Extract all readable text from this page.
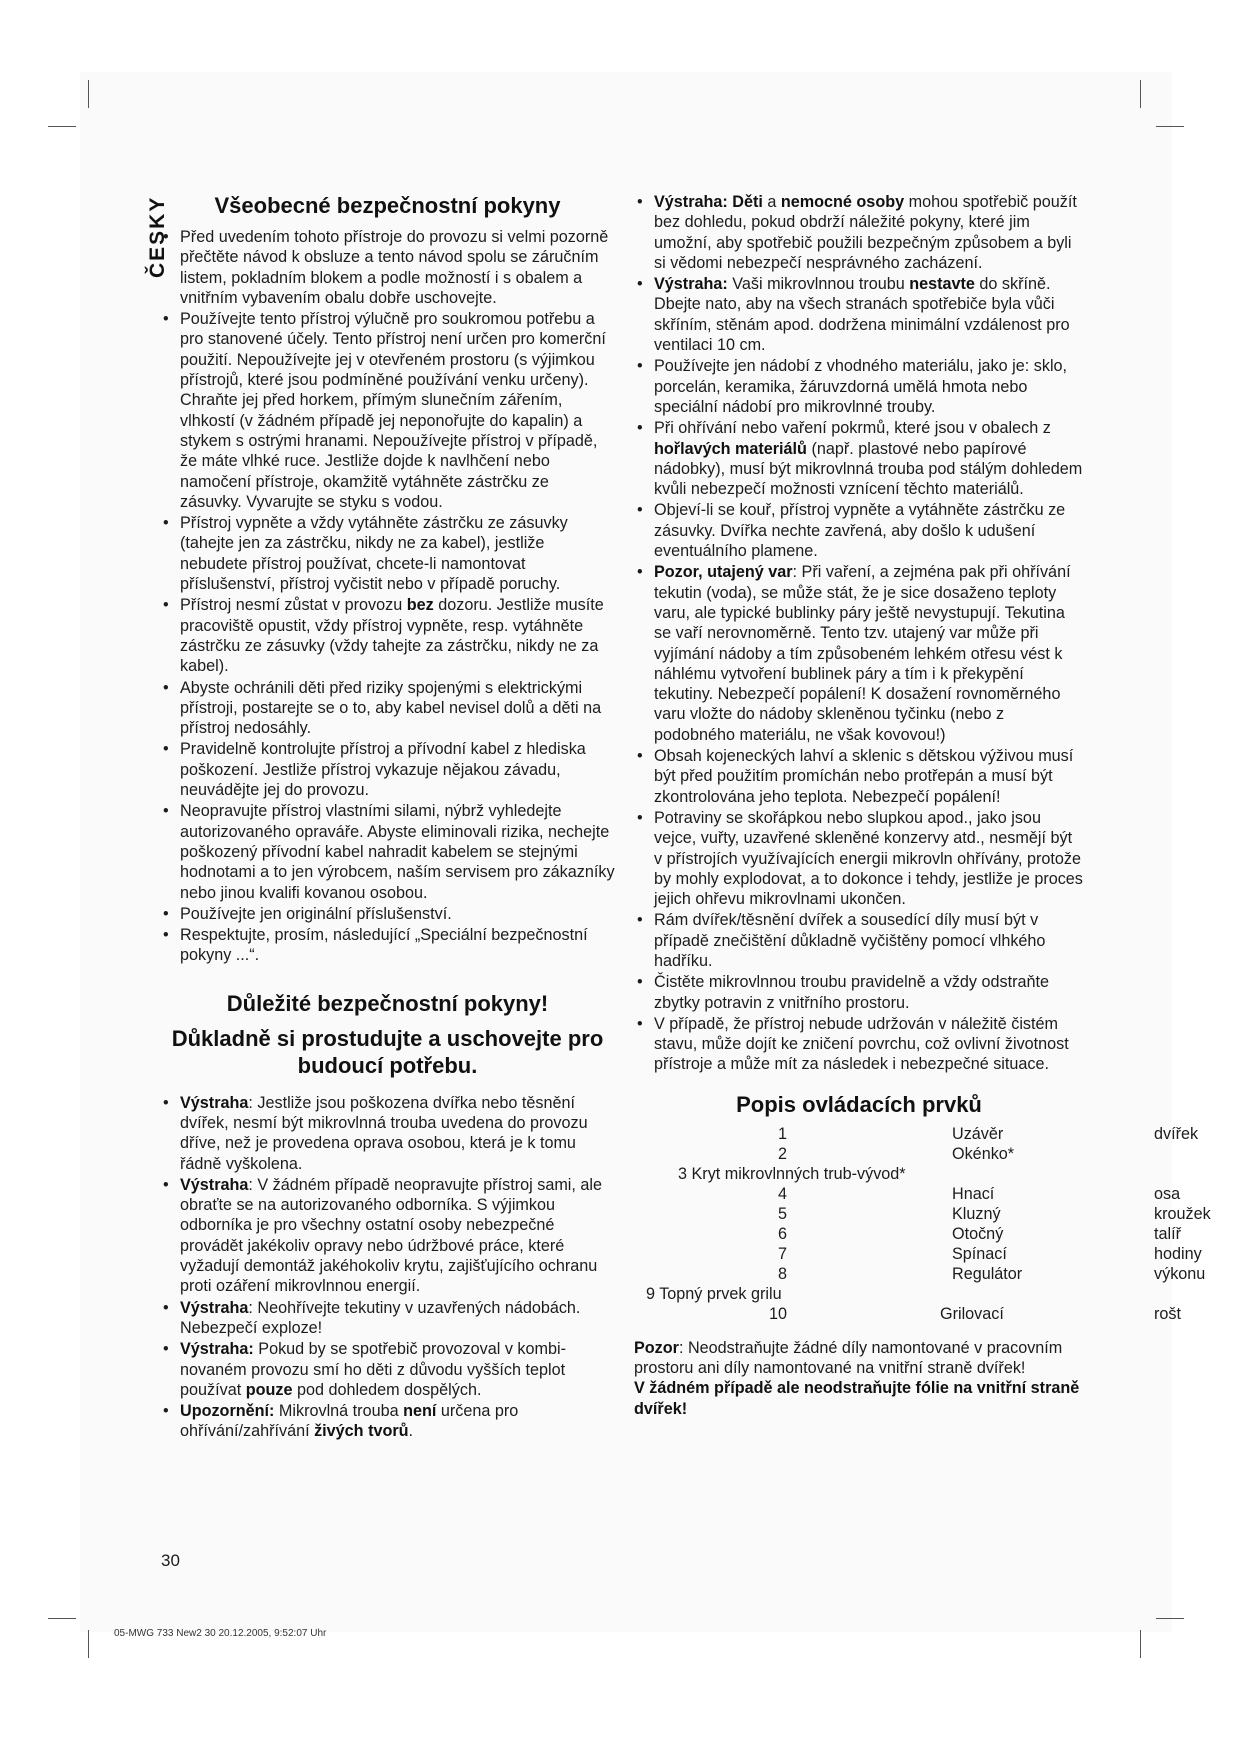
ČESKY	Všeobecné bezpečnostní pokyny
• Před uvedením tohoto přístroje do provozu si velmi pozorně přečtěte návod k obsluze a tento návod spolu se záručním listem, pokladním blokem a podle možností i s obalem a vnitřním vybavením obalu dobře uschovejte.
• Používejte tento přístroj výlučně pro soukromou potřebu a pro stanovené účely. Tento přístroj není určen pro komerční použití. Nepoužívejte jej v otevřeném prostoru (s výjimkou přístrojů, které jsou podmíněné používání venku určeny). Chraňte jej před horkem, přímým slunečním zářením, vlhkostí (v žádném případě jej neponořujte do kapalin) a stykem s ostrými hranami. Nepoužívejte přístroj v případě, že máte vlhké ruce. Jestliže dojde k navlhčení nebo namočení přístroje, okamžitě vytáhněte zástrčku ze zásuvky. Vyvarujte se styku s vodou.
• Přístroj vypněte a vždy vytáhněte zástrčku ze zásuvky (tahejte jen za zástrčku, nikdy ne za kabel), jestliže nebudete přístroj používat, chcete-li namontovat příslušenství, přístroj vyčistit nebo v případě poruchy.
• Přístroj nesmí zůstat v provozu bez dozoru. Jestliže musíte pracoviště opustit, vždy přístroj vypněte, resp. vytáhněte zástrčku ze zásuvky (vždy tahejte za zástrčku, nikdy ne za kabel).
• Abyste ochránili děti před riziky spojenými s elektrickými přístroji, postarejte se o to, aby kabel nevisel dolů a děti na přístroj nedosáhly.
• Pravidelně kontrolujte přístroj a přívodní kabel z hlediska poškození. Jestliže přístroj vykazuje nějakou závadu, neuvádějte jej do provozu.
• Neopravujte přístroj vlastními silami, nýbrž vyhledejte autorizovaného opraváře. Abyste eliminovali rizika, nechejte poškozený přívodní kabel nahradit kabelem se stejnými hodnotami a to jen výrobcem, naším servisem pro zákazníky nebo jinou kvalifi kovanou osobou.
• Používejte jen originální příslušenství.
• Respektujte, prosím, následující „Speciální bezpečnostní pokyny ...“.
Důležité bezpečnostní pokyny!
Důkladně si prostudujte a uschovejte pro budoucí potřebu.
• Výstraha: Jestliže jsou poškozena dvířka nebo těsnění dvířek, nesmí být mikrovlnná trouba uvedena do provozu dříve, než je provedena oprava osobou, která je k tomu řádně vyškolena.
• Výstraha: V žádném případě neopravujte přístroj sami, ale obraťte se na autorizovaného odborníka. S výjimkou odborníka je pro všechny ostatní osoby nebezpečné provádět jakékoliv opravy nebo údržbové práce, které vyžadují demontáž jakéhokoliv krytu, zajišťujícího ochranu proti ozáření mikrovlnnou energií.
• Výstraha: Neohřívejte tekutiny v uzavřených nádobách. Nebezpečí exploze!
• Výstraha: Pokud by se spotřebič provozoval v kombinovaném provozu smí ho děti z důvodu vyšších teplot používat pouze pod dohledem dospělých.
• Upozornění: Mikrovlná trouba není určena pro ohřívání/zahřívání živých tvorů.
• Výstraha: Děti a nemocné osoby mohou spotřebič použít bez dohledu, pokud obdrží náležité pokyny, které jim umožní, aby spotřebič použili bezpečným způsobem a byli si vědomi nebezpečí nesprávného zacházení.
• Výstraha: Vaši mikrovlnnou troubu nestavte do skříně. Dbejte nato, aby na všech stranách spotřebiče byla vůči skříním, stěnám apod. dodržena minimální vzdálenost pro ventilaci 10 cm.
• Používejte jen nádobí z vhodného materiálu, jako je: sklo, porcelán, keramika, žáruvzdorná umělá hmota nebo speciální nádobí pro mikrovlnné trouby.
• Při ohřívání nebo vaření pokrmů, které jsou v obalech z hořlavých materiálů (např. plastové nebo papírové nádobky), musí být mikrovlnná trouba pod stálým dohledem kvůli nebezpečí možnosti vznícení těchto materiálů.
• Objeví-li se kouř, přístroj vypněte a vytáhněte zástrčku ze zásuvky. Dvířka nechte zavřená, aby došlo k udušení eventuálního plamene.
• Pozor, utajený var: Při vaření, a zejména pak při ohřívání tekutin (voda), se může stát, že je sice dosaženo teploty varu, ale typické bublinky páry ještě nevystupují. Tekutina se vaří nerovnoměrně. Tento tzv. utajený var může při vyjímání nádoby a tím způsobeném lehkém otřesu vést k náhlému vytvoření bublinek páry a tím i k překypění tekutiny. Nebezpečí popálení! K dosažení rovnoměrného varu vložte do nádoby skleněnou tyčinku (nebo z podobného materiálu, ne však kovovou!)
• Obsah kojeneckých lahví a sklenic s dětskou výživou musí být před použitím promíchán nebo protřepán a musí být zkontrolována jeho teplota. Nebezpečí popálení!
• Potraviny se skořápkou nebo slupkou apod., jako jsou vejce, vuřty, uzavřené skleněné konzervy atd., nesmějí být v přístrojích využívajících energii mikrovln ohřívány, protože by mohly explodovat, a to dokonce i tehdy, jestliže je proces jejich ohřevu mikrovlnami ukončen.
• Rám dvířek/těsnění dvířek a sousedící díly musí být v případě znečištění důkladně vyčištěny pomocí vlhkého hadříku.
• Čistěte mikrovlnnou troubu pravidelně a vždy odstraňte zbytky potravin z vnitřního prostoru.
• V případě, že přístroj nebude udržován v náležitě čistém stavu, může dojít ke zničení povrchu, což ovlivní životnost přístroje a může mít za následek i nebezpečné situace.
Popis ovládacích prvků
1	Uzávěr	dvířek
2	Okénko*
3 Kryt mikrovlnných trub-vývod*
4	Hnací	osa
5	Kluzný	kroužek
6	Otočný	talíř
7	Spínací	hodiny
8	Regulátor	výkonu
9 Topný prvek grilu
10	Grilovací	rošt
Pozor: Neodstraňujte žádné díly namontované v pracovním prostoru ani díly namontované na vnitřní straně dvířek!
V žádném případě ale neodstraňujte fólie na vnitřní straně dvířek!
30
05-MWG 733 New2 30 20.12.2005, 9:52:07 Uhr
